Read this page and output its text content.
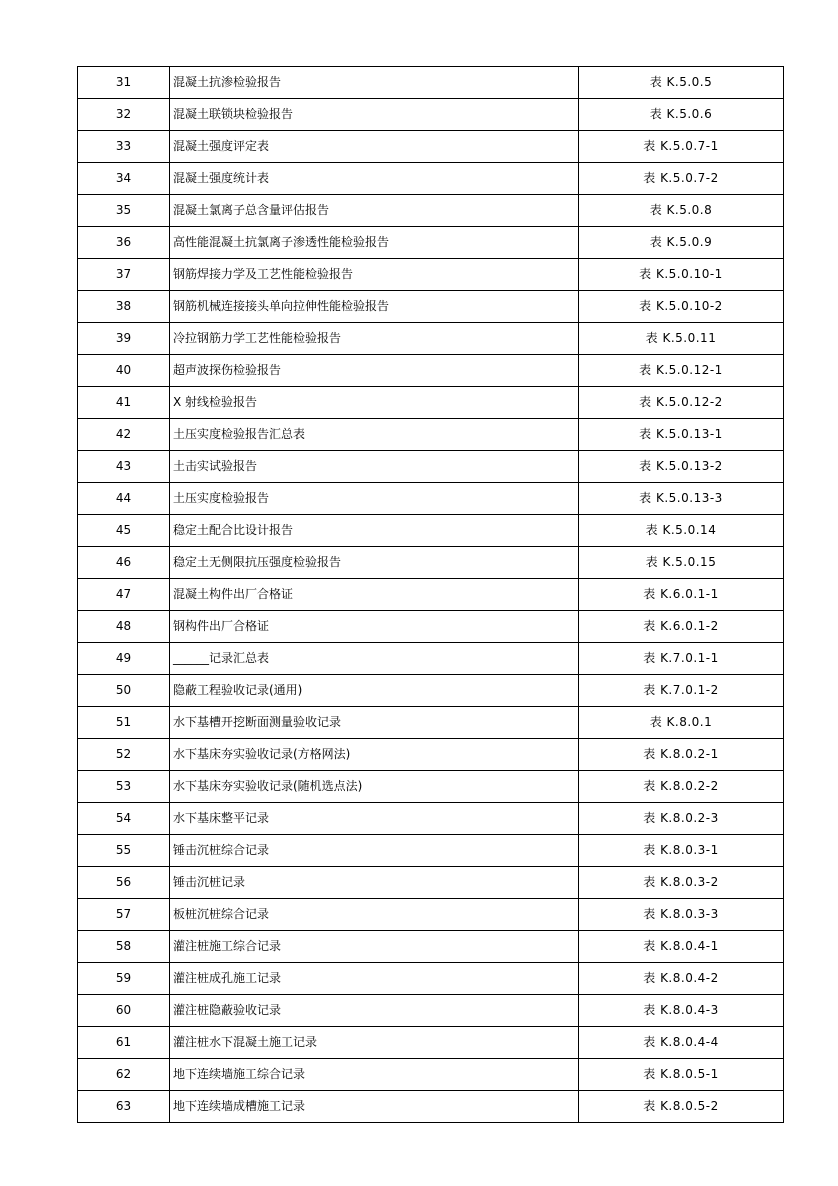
31	混凝土抗渗检验报告	表 K.5.0.5
32	混凝土联锁块检验报告	表 K.5.0.6
33	混凝土强度评定表	表 K.5.0.7-1
34	混凝土强度统计表	表 K.5.0.7-2
35	混凝土氯离子总含量评估报告	表 K.5.0.8
36	高性能混凝土抗氯离子渗透性能检验报告	表 K.5.0.9
37	钢筋焊接力学及工艺性能检验报告	表 K.5.0.10-1
38	钢筋机械连接接头单向拉伸性能检验报告	表 K.5.0.10-2
39	冷拉钢筋力学工艺性能检验报告	表 K.5.0.11
40	超声波探伤检验报告	表 K.5.0.12-1
41	X 射线检验报告	表 K.5.0.12-2
42	土压实度检验报告汇总表	表 K.5.0.13-1
43	土击实试验报告	表 K.5.0.13-2
44	土压实度检验报告	表 K.5.0.13-3
45	稳定土配合比设计报告	表 K.5.0.14
46	稳定土无侧限抗压强度检验报告	表 K.5.0.15
47	混凝土构件出厂合格证	表 K.6.0.1-1
48	钢构件出厂合格证	表 K.6.0.1-2
49	______记录汇总表	表 K.7.0.1-1
50	隐蔽工程验收记录(通用)	表 K.7.0.1-2
51	水下基槽开挖断面测量验收记录	表 K.8.0.1
52	水下基床夯实验收记录(方格网法)	表 K.8.0.2-1
53	水下基床夯实验收记录(随机选点法)	表 K.8.0.2-2
54	水下基床整平记录	表 K.8.0.2-3
55	锤击沉桩综合记录	表 K.8.0.3-1
56	锤击沉桩记录	表 K.8.0.3-2
57	板桩沉桩综合记录	表 K.8.0.3-3
58	灌注桩施工综合记录	表 K.8.0.4-1
59	灌注桩成孔施工记录	表 K.8.0.4-2
60	灌注桩隐蔽验收记录	表 K.8.0.4-3
61	灌注桩水下混凝土施工记录	表 K.8.0.4-4
62	地下连续墙施工综合记录	表 K.8.0.5-1
63	地下连续墙成槽施工记录	表 K.8.0.5-2
